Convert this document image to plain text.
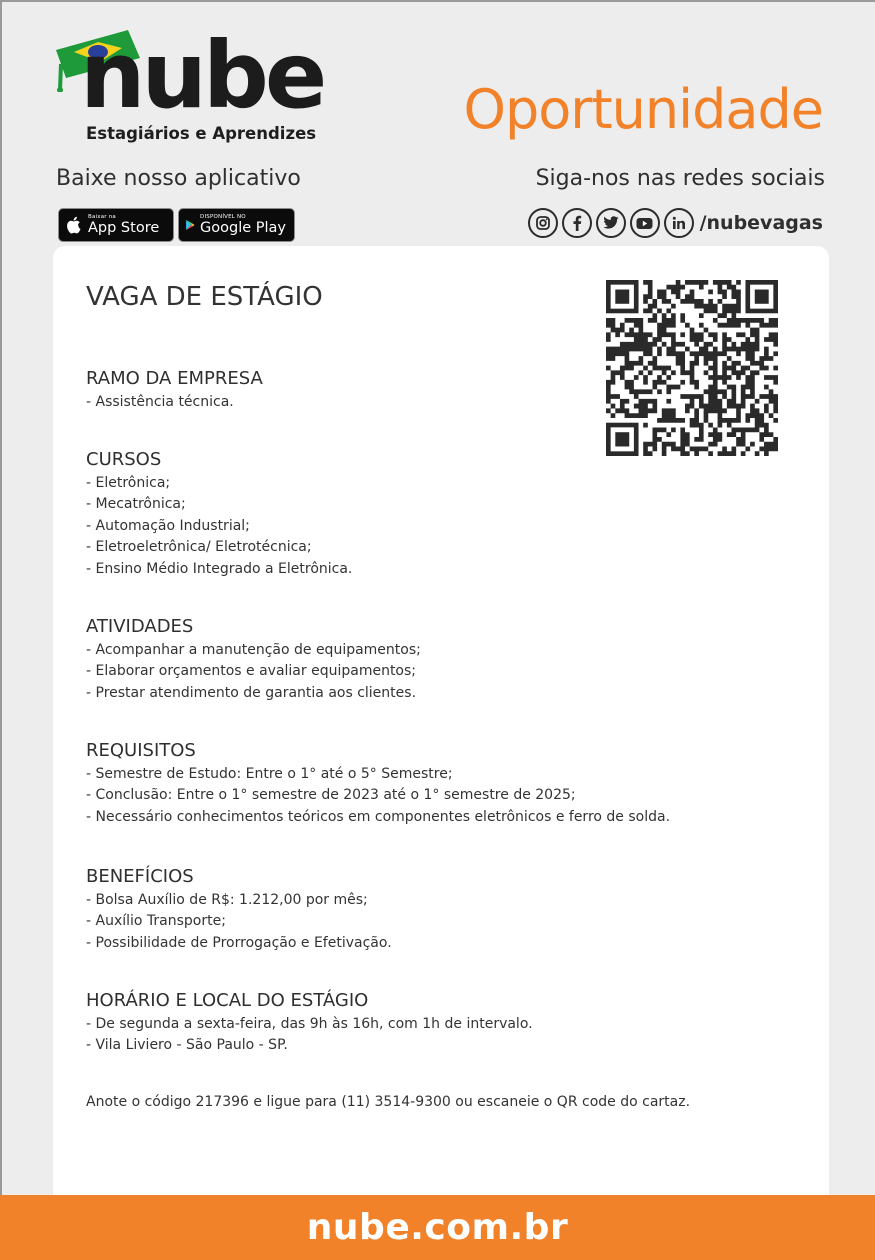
nube
Estagiários e Aprendizes	Oportunidade
Baixe nosso aplicativo	Siga-nos nas redes sociais
Baixar na
App Store
DISPONÍVEL NO
Google Play	/nubevagas
VAGA DE ESTÁGIO
RAMO DA EMPRESA
- Assistência técnica.
CURSOS
- Eletrônica;
- Mecatrônica;
- Automação Industrial;
- Eletroeletrônica/ Eletrotécnica;
- Ensino Médio Integrado a Eletrônica.
ATIVIDADES
- Acompanhar a manutenção de equipamentos;
- Elaborar orçamentos e avaliar equipamentos;
- Prestar atendimento de garantia aos clientes.
REQUISITOS
- Semestre de Estudo: Entre o 1° até o 5° Semestre;
- Conclusão: Entre o 1° semestre de 2023 até o 1° semestre de 2025;
- Necessário conhecimentos teóricos em componentes eletrônicos e ferro de solda.
BENEFÍCIOS
- Bolsa Auxílio de R$: 1.212,00 por mês;
- Auxílio Transporte;
- Possibilidade de Prorrogação e Efetivação.
HORÁRIO E LOCAL DO ESTÁGIO
- De segunda a sexta-feira, das 9h às 16h, com 1h de intervalo.
- Vila Liviero - São Paulo - SP.
Anote o código 217396 e ligue para (11) 3514-9300 ou escaneie o QR code do cartaz.
nube.com.br
